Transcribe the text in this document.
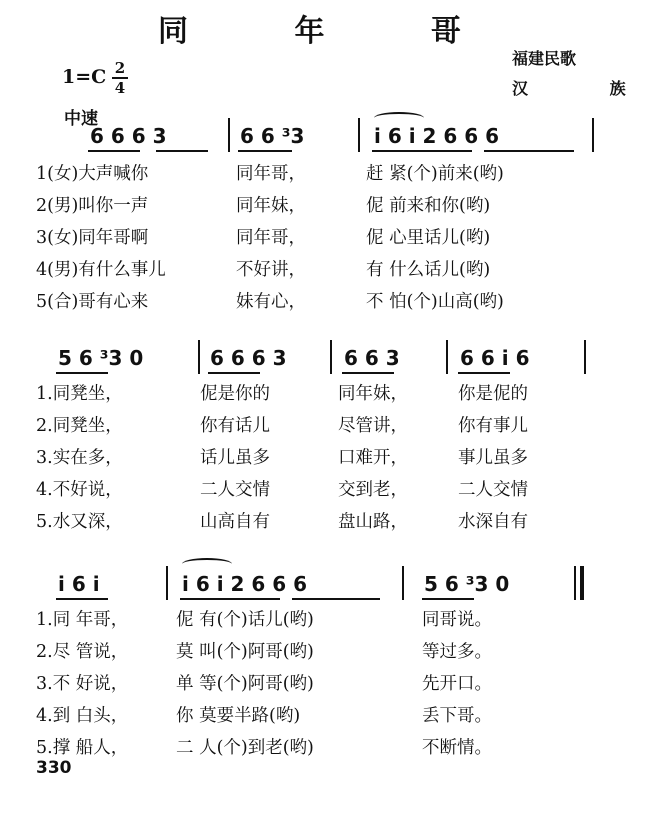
同 年 哥
福建民歌
汉 族
1=C 2
4
中速
6 6 6 3	6 6 ³3	i 6 i 2 6 6 6
1(女)大声喊你	同年哥，	赶 紧(个)前来(哟)
2(男)叫你一声	同年妹，	伲 前来和你(哟)
3(女)同年哥啊	同年哥，	伲 心里话儿(哟)
4(男)有什么事儿	不好讲，	有 什么话儿(哟)
5(合)哥有心来	妹有心，	不 怕(个)山高(哟)
5 6 ³3 0	6 6 6 3	6 6 3	6 6 i 6
1.同凳坐，	伲是你的	同年妹，	你是伲的
2.同凳坐，	你有话儿	尽管讲，	你有事儿
3.实在多，	话儿虽多	口难开，	事儿虽多
4.不好说，	二人交情	交到老，	二人交情
5.水又深，	山高自有	盘山路，	水深自有
i 6 i	i 6 i 2 6 6 6	5 6 ³3 0
1.同 年哥，	伲 有(个)话儿(哟)	同哥说。
2.尽 管说，	莫 叫(个)阿哥(哟)	等过多。
3.不 好说，	单 等(个)阿哥(哟)	先开口。
4.到 白头，	你 莫要半路(哟)	丢下哥。
5.撑 船人，	二 人(个)到老(哟)	不断情。
330
